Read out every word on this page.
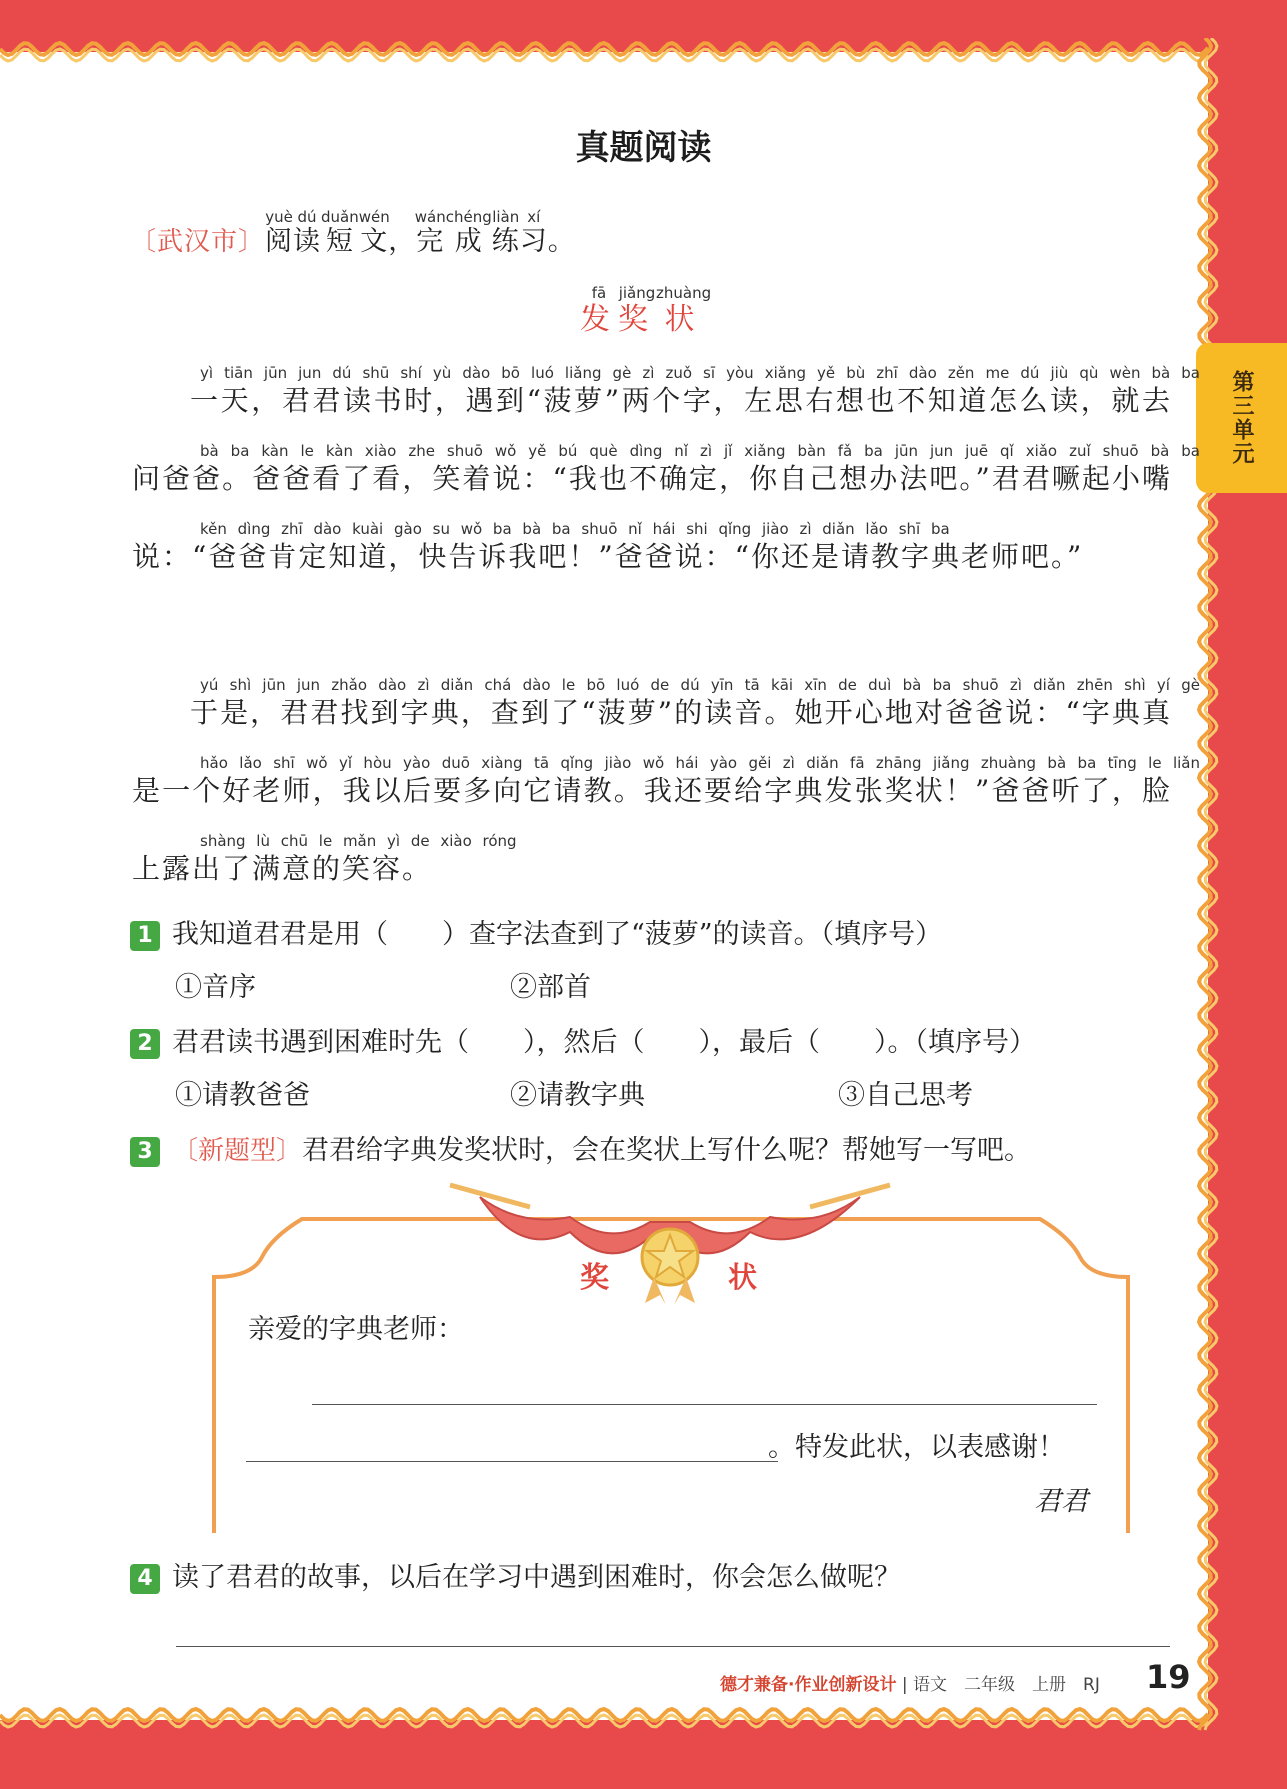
第三单元
真题阅读
〔武汉市〕阅yuè读dú短duǎn文wén，完wán成chéng练liàn习xí。
发fā奖jiǎng状zhuàng
一天，君君读书时，遇到“菠萝”两个字，左思右想也不知道怎么读，就去问爸爸。爸爸看了看，笑着说：“我也不确定，你自己想办法吧。”君君噘起小嘴说：“爸爸肯定知道，快告诉我吧！”爸爸说：“你还是请教字典老师吧。”
yì tiān jūn jun dú shū shí yù dào bō luó liǎng gè zì zuǒ sī yòu xiǎng yě bù zhī dào zěn me dú jiù qù wèn bà ba bà ba kàn le kàn xiào zhe shuō wǒ yě bú què dìng nǐ zì jǐ xiǎng bàn fǎ ba jūn jun juē qǐ xiǎo zuǐ shuō bà ba kěn dìng zhī dào kuài gào su wǒ ba bà ba shuō nǐ hái shi qǐng jiào zì diǎn lǎo shī ba
于是，君君找到字典，查到了“菠萝”的读音。她开心地对爸爸说：“字典真是一个好老师，我以后要多向它请教。我还要给字典发张奖状！”爸爸听了，脸上露出了满意的笑容。
yú shì jūn jun zhǎo dào zì diǎn chá dào le bō luó de dú yīn tā kāi xīn de duì bà ba shuō zì diǎn zhēn shì yí gè hǎo lǎo shī wǒ yǐ hòu yào duō xiàng tā qǐng jiào wǒ hái yào gěi zì diǎn fā zhāng jiǎng zhuàng bà ba tīng le liǎn shàng lù chū le mǎn yì de xiào róng
1 我知道君君是用（　　）查字法查到了“菠萝”的读音。（填序号）
①音序	②部首
2 君君读书遇到困难时先（　　），然后（　　），最后（　　）。（填序号）
①请教爸爸	②请教字典	③自己思考
3 〔新题型〕君君给字典发奖状时，会在奖状上写什么呢？帮她写一写吧。
奖	状
亲爱的字典老师：
。特发此状，以表感谢！
君君
4 读了君君的故事，以后在学习中遇到困难时，你会怎么做呢？
德才兼备·作业创新设计 | 语文　二年级　上册　RJ 19
